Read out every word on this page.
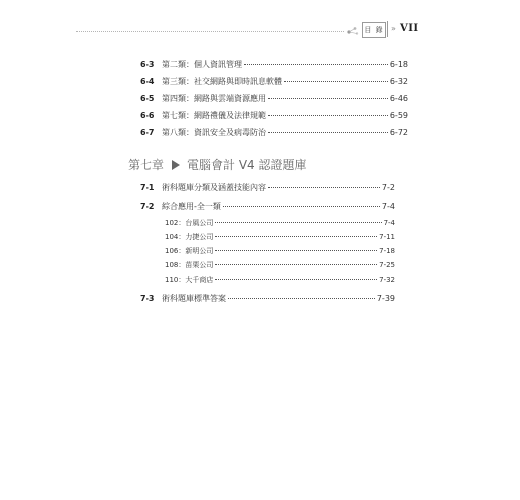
目 錄 » VII
6-3 第二類：個人資訊管理	6-18
6-4 第三類：社交網路與即時訊息軟體	6-32
6-5 第四類：網路與雲端資源應用	6-46
6-6 第七類：網路禮儀及法律規範	6-59
6-7 第八類：資訊安全及病毒防治	6-72
第七章 電腦會計 V4 認證題庫
7-1 術科題庫分類及涵蓋技能內容	7-2
7-2 綜合應用-全一類	7-4
102：台風公司	7-4
104：力捷公司	7-11
106：新明公司	7-18
108：苗栗公司	7-25
110：大千商店	7-32
7-3 術科題庫標準答案	7-39
